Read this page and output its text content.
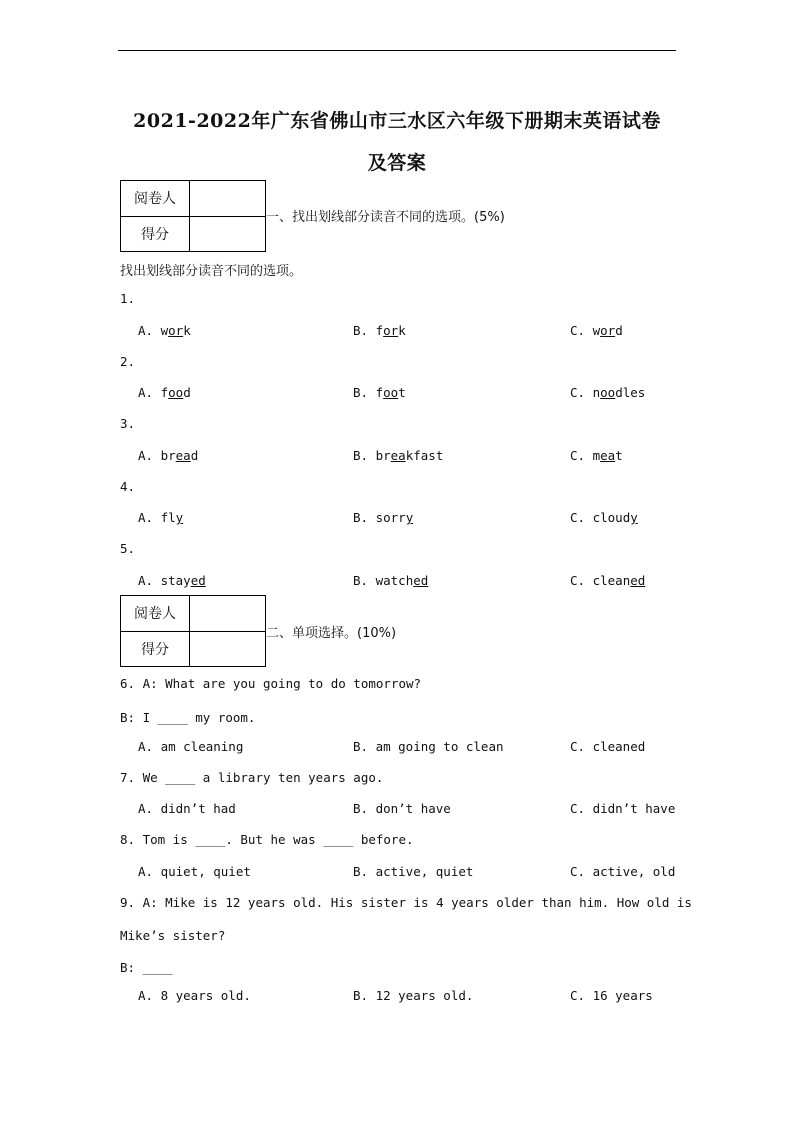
2021-2022年广东省佛山市三水区六年级下册期末英语试卷
及答案
阅卷人	
得分	
一、找出划线部分读音不同的选项。(5%)
找出划线部分读音不同的选项。
1.
A. work	B. fork	C. word
2.
A. food	B. foot	C. noodles
3.
A. bread	B. breakfast	C. meat
4.
A. fly	B. sorry	C. cloudy
5.
A. stayed	B. watched	C. cleaned
阅卷人	
得分	
二、单项选择。(10%)
6. A: What are you going to do tomorrow?
B: I ____ my room.
A. am cleaning	B. am going to clean	C. cleaned
7. We ____ a library ten years ago.
A. didn’t had	B. don’t have	C. didn’t have
8. Tom is ____. But he was ____ before.
A. quiet, quiet	B. active, quiet	C. active, old
9. A: Mike is 12 years old. His sister is 4 years older than him. How old is
Mike’s sister?
B: ____
A. 8 years old.	B. 12 years old.	C. 16 years
